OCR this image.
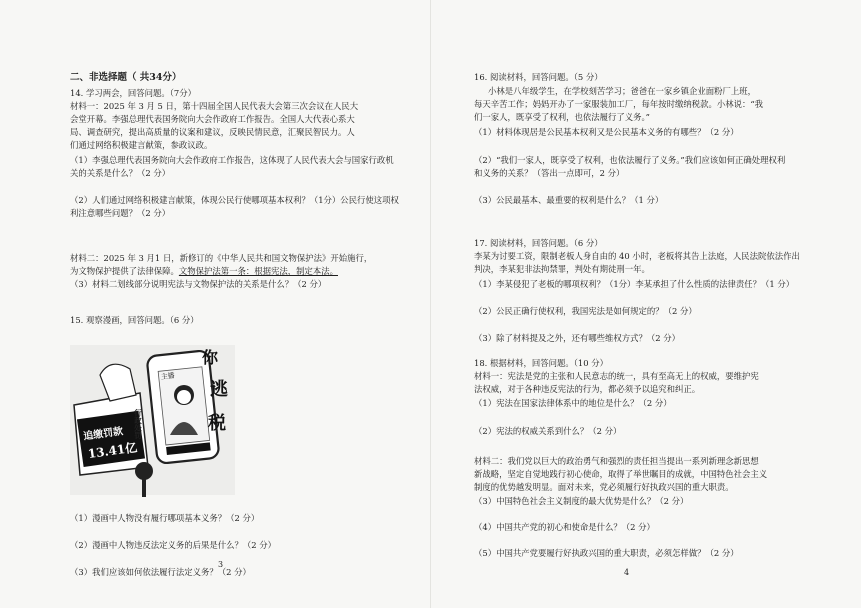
二、非选择题（ 共34分）
14. 学习两会，回答问题。（7分）
材料一：2025 年 3 月 5 日，第十四届全国人民代表大会第三次会议在人民大
会堂开幕。李强总理代表国务院向大会作政府工作报告。全国人大代表心系大
局、调查研究，提出高质量的议案和建议，反映民情民意，汇聚民智民力。人
们通过网络积极建言献策，参政议政。
（1）李强总理代表国务院向大会作政府工作报告，这体现了人民代表大会与国家行政机
关的关系是什么？（2 分）
（2）人们通过网络积极建言献策，体现公民行使哪项基本权利？（1分）公民行使这项权
利注意哪些问题？（2 分）
材料二：2025 年 3 月1 日，新修订的《中华人民共和国文物保护法》开始施行，
为文物保护提供了法律保障。文物保护法第一条：根据宪法，制定本法。
（3）材料二划线部分说明宪法与文物保护法的关系是什么？（2 分）
15. 观察漫画，回答问题。（6 分）
追缴罚款
13.41亿
主播
行政处罚
你
逃
税
（1）漫画中人物没有履行哪项基本义务？（2 分）
（2）漫画中人物违反法定义务的后果是什么？（2 分）
（3）我们应该如何依法履行法定义务？（2 分）
3
16. 阅读材料，回答问题。（5 分）
小林是八年级学生，在学校刻苦学习；爸爸在一家乡镇企业面粉厂上班，
每天辛苦工作；妈妈开办了一家服装加工厂，每年按时缴纳税款。小林说：“我
们一家人，既享受了权利，也依法履行了义务。”
（1）材料体现居是公民基本权利又是公民基本义务的有哪些？（2 分）
（2）“我们一家人，既享受了权利，也依法履行了义务。”我们应该如何正确处理权利
和义务的关系？（答出一点即可，2 分）
（3）公民最基本、最重要的权利是什么？（1 分）
17. 阅读材料，回答问题。（6 分）
李某为讨要工资，限制老板人身自由的 40 小时，老板将其告上法庭，人民法院依法作出
判决，李某犯非法拘禁罪，判处有期徒刑一年。
（1）李某侵犯了老板的哪项权利？（1分）李某承担了什么性质的法律责任？（1 分）
（2）公民正确行使权利，我国宪法是如何规定的？（2 分）
（3）除了材料提及之外，还有哪些维权方式？（2 分）
18. 根据材料，回答问题。（10 分）
材料一：宪法是党的主张和人民意志的统一，具有至高无上的权威，要维护宪
法权威，对于各种违反宪法的行为，都必须予以追究和纠正。
（1）宪法在国家法律体系中的地位是什么？（2 分）
（2）宪法的权威关系到什么？（2 分）
材料二：我们党以巨大的政治勇气和强烈的责任担当提出一系列新理念新思想
新战略，坚定自觉地践行初心使命，取得了举世瞩目的成就，中国特色社会主义
制度的优势越发明显。面对未来，党必须履行好执政兴国的重大职责。
（3）中国特色社会主义制度的最大优势是什么？（2 分）
（4）中国共产党的初心和使命是什么？（2 分）
（5）中国共产党要履行好执政兴国的重大职责，必须怎样做？（2 分）
4
